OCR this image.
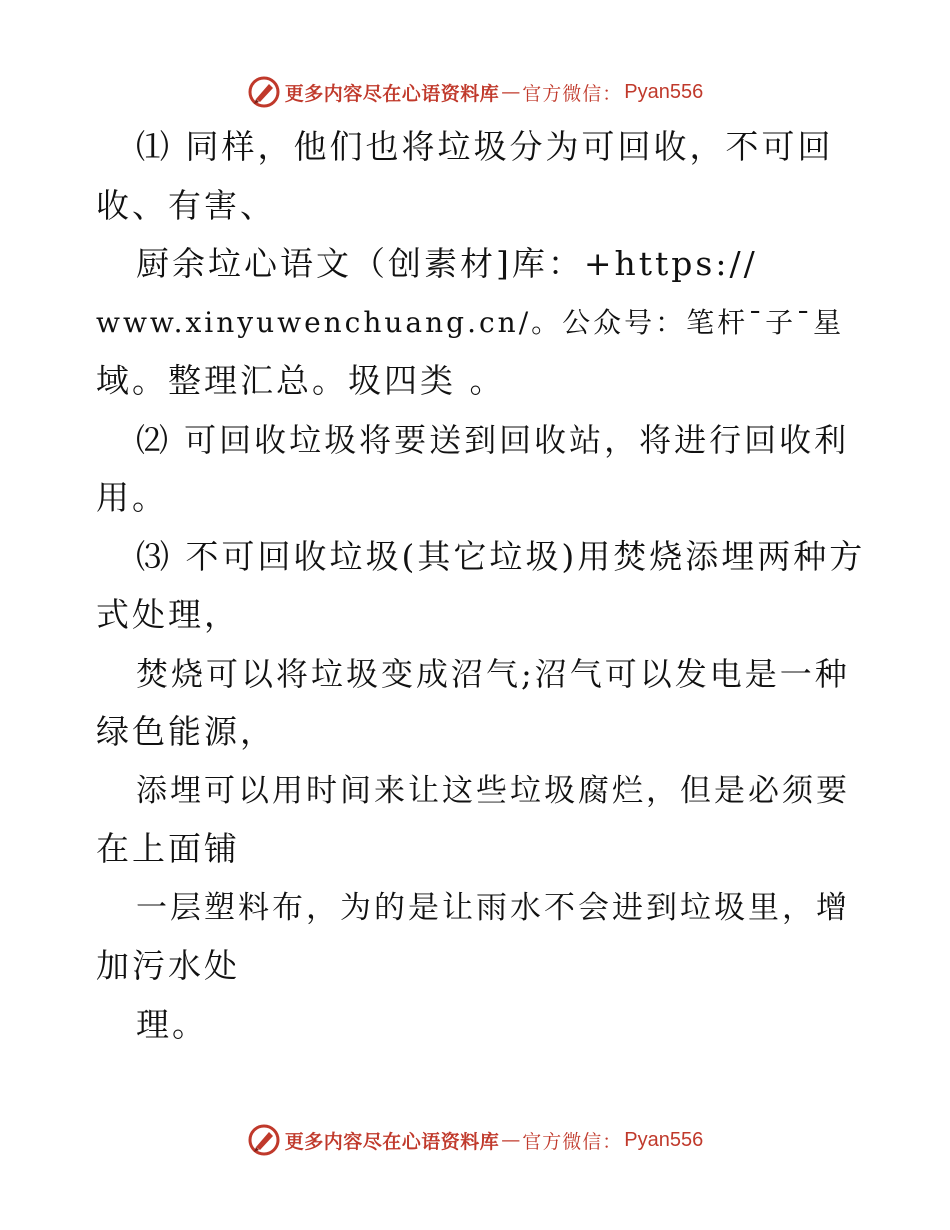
更多内容尽在心语资料库 — 官方微信： Pyan556
⑴ 同样，他们也将垃圾分为可回收，不可回
收、有害、
厨余垃心语文（创素材]库：+https://
www.xinyuwenchuang.cn/。公众号：笔杆¯子¯星
域。整理汇总。圾四类 。
⑵ 可回收垃圾将要送到回收站，将进行回收利
用。
⑶ 不可回收垃圾(其它垃圾)用焚烧添埋两种方
式处理，
焚烧可以将垃圾变成沼气;沼气可以发电是一种
绿色能源，
添埋可以用时间来让这些垃圾腐烂，但是必须要
在上面铺
一层塑料布，为的是让雨水不会进到垃圾里，增
加污水处
理。
更多内容尽在心语资料库 — 官方微信： Pyan556
